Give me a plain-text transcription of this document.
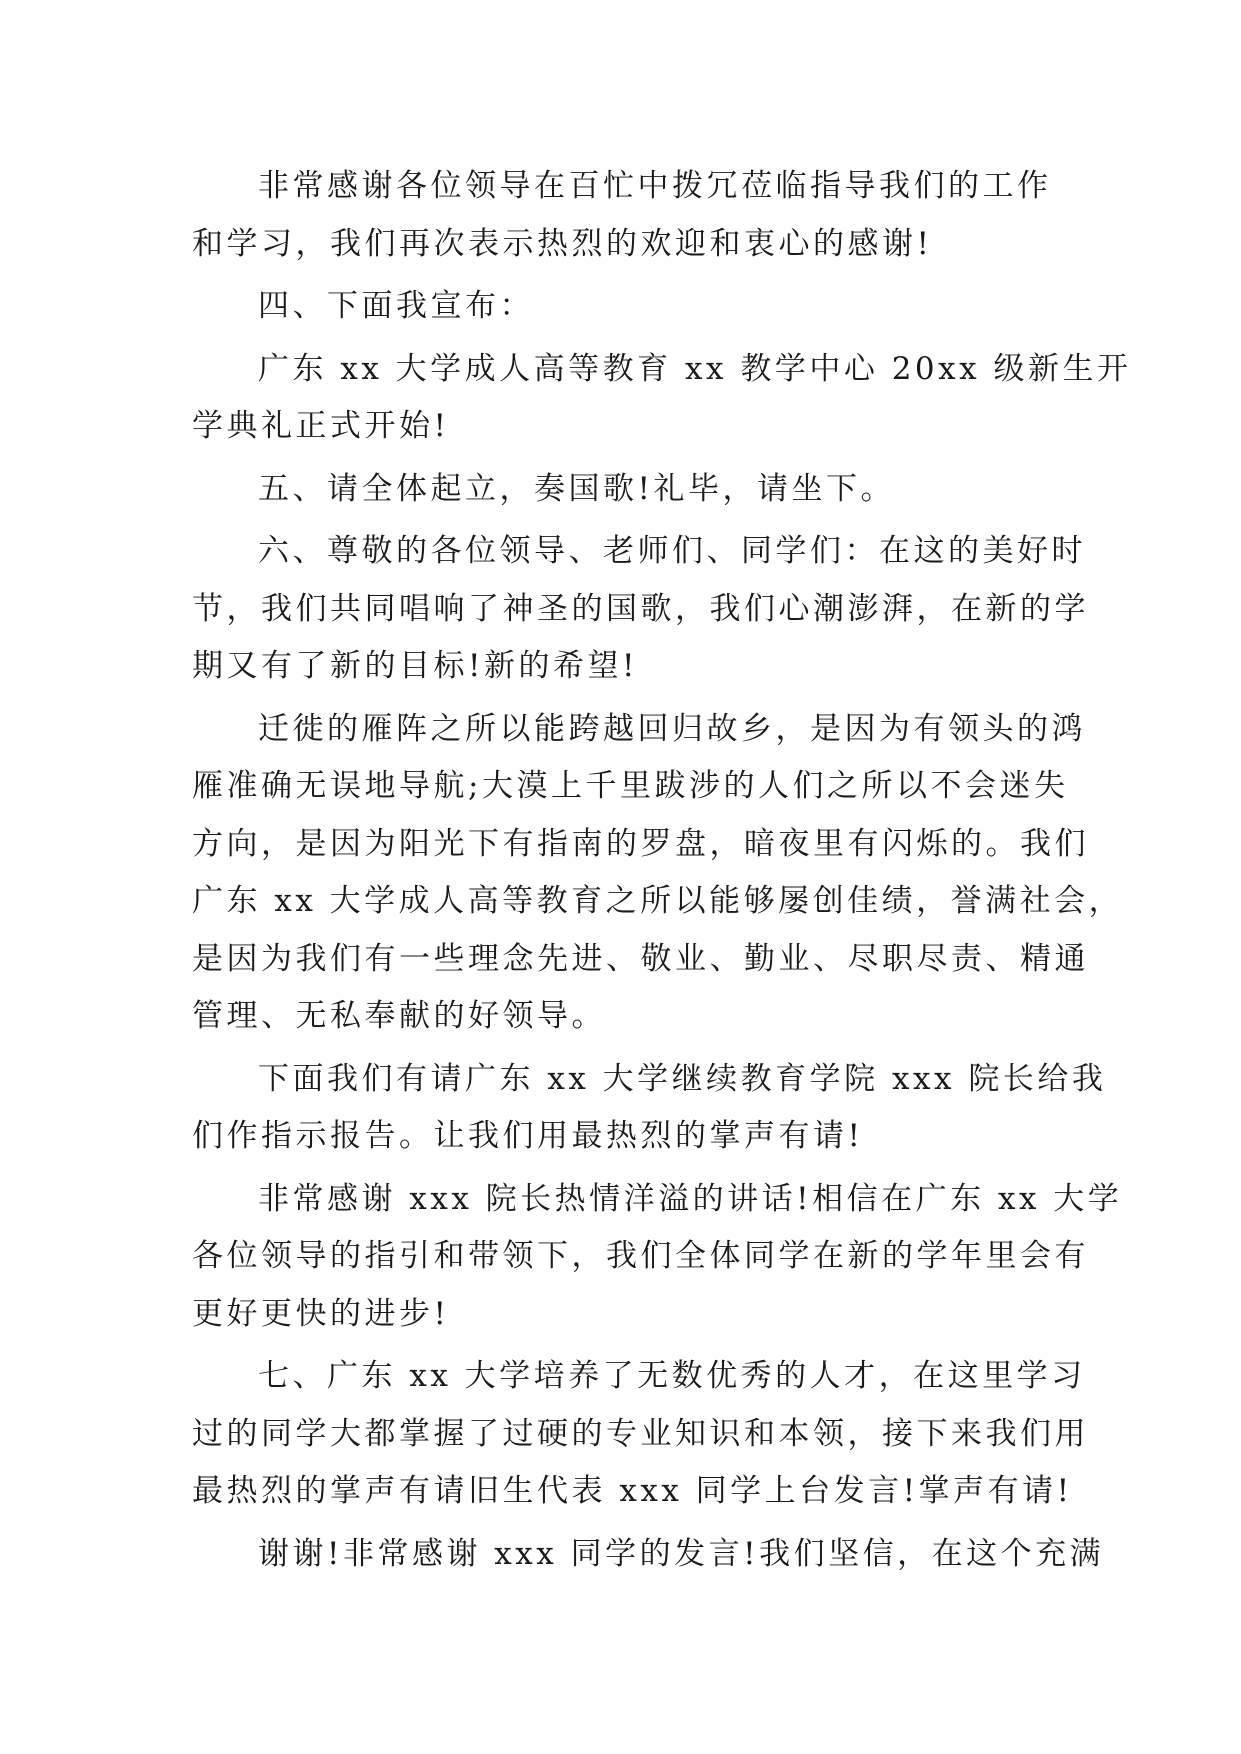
非常感谢各位领导在百忙中拨冗莅临指导我们的工作
和学习，我们再次表示热烈的欢迎和衷心的感谢!

四、下面我宣布：

广东 xx 大学成人高等教育 xx 教学中心 20xx 级新生开
学典礼正式开始!

五、请全体起立，奏国歌!礼毕，请坐下。

六、尊敬的各位领导、老师们、同学们：在这的美好时
节，我们共同唱响了神圣的国歌，我们心潮澎湃，在新的学
期又有了新的目标!新的希望!

迁徙的雁阵之所以能跨越回归故乡，是因为有领头的鸿
雁准确无误地导航;大漠上千里跋涉的人们之所以不会迷失
方向，是因为阳光下有指南的罗盘，暗夜里有闪烁的。我们
广东 xx 大学成人高等教育之所以能够屡创佳绩，誉满社会，
是因为我们有一些理念先进、敬业、勤业、尽职尽责、精通
管理、无私奉献的好领导。

下面我们有请广东 xx 大学继续教育学院 xxx 院长给我
们作指示报告。让我们用最热烈的掌声有请!

非常感谢 xxx 院长热情洋溢的讲话!相信在广东 xx 大学
各位领导的指引和带领下，我们全体同学在新的学年里会有
更好更快的进步!

七、广东 xx 大学培养了无数优秀的人才，在这里学习
过的同学大都掌握了过硬的专业知识和本领，接下来我们用
最热烈的掌声有请旧生代表 xxx 同学上台发言!掌声有请!

谢谢!非常感谢 xxx 同学的发言!我们坚信，在这个充满
